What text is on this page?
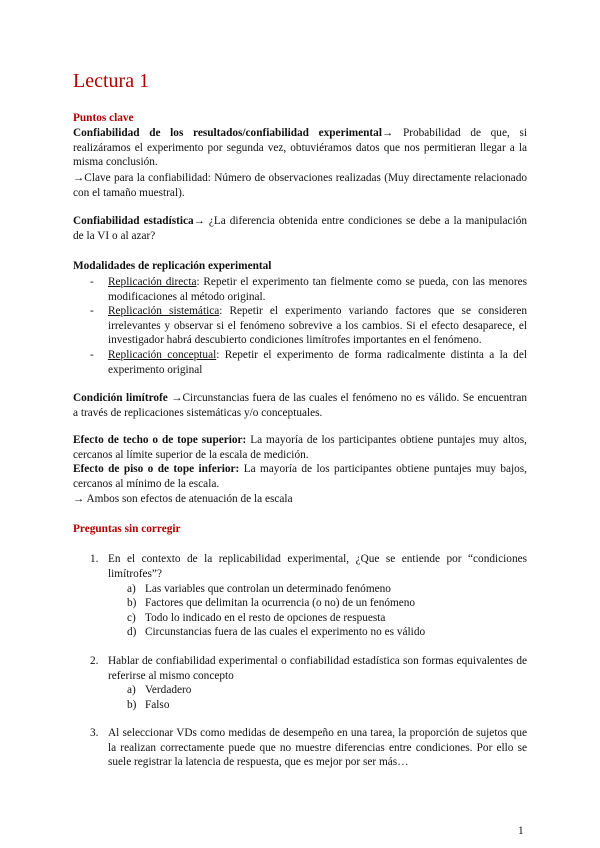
Lectura 1
Puntos clave
Confiabilidad de los resultados/confiabilidad experimental→ Probabilidad de que, si realizáramos el experimento por segunda vez, obtuviéramos datos que nos permitieran llegar a la misma conclusión.
→Clave para la confiabilidad: Número de observaciones realizadas (Muy directamente relacionado con el tamaño muestral).
Confiabilidad estadística→ ¿La diferencia obtenida entre condiciones se debe a la manipulación de la VI o al azar?
Modalidades de replicación experimental
- Replicación directa: Repetir el experimento tan fielmente como se pueda, con las menores modificaciones al método original.
- Replicación sistemática: Repetir el experimento variando factores que se consideren irrelevantes y observar si el fenómeno sobrevive a los cambios. Si el efecto desaparece, el investigador habrá descubierto condiciones limítrofes importantes en el fenómeno.
- Replicación conceptual: Repetir el experimento de forma radicalmente distinta a la del experimento original
Condición limítrofe →Circunstancias fuera de las cuales el fenómeno no es válido. Se encuentran a través de replicaciones sistemáticas y/o conceptuales.
Efecto de techo o de tope superior: La mayoría de los participantes obtiene puntajes muy altos, cercanos al límite superior de la escala de medición.
Efecto de piso o de tope inferior: La mayoría de los participantes obtiene puntajes muy bajos, cercanos al mínimo de la escala.
→ Ambos son efectos de atenuación de la escala
Preguntas sin corregir
1. En el contexto de la replicabilidad experimental, ¿Que se entiende por “condiciones limítrofes”?
a) Las variables que controlan un determinado fenómeno
b) Factores que delimitan la ocurrencia (o no) de un fenómeno
c) Todo lo indicado en el resto de opciones de respuesta
d) Circunstancias fuera de las cuales el experimento no es válido
2. Hablar de confiabilidad experimental o confiabilidad estadística son formas equivalentes de referirse al mismo concepto
a) Verdadero
b) Falso
3. Al seleccionar VDs como medidas de desempeño en una tarea, la proporción de sujetos que la realizan correctamente puede que no muestre diferencias entre condiciones. Por ello se suele registrar la latencia de respuesta, que es mejor por ser más…
1
